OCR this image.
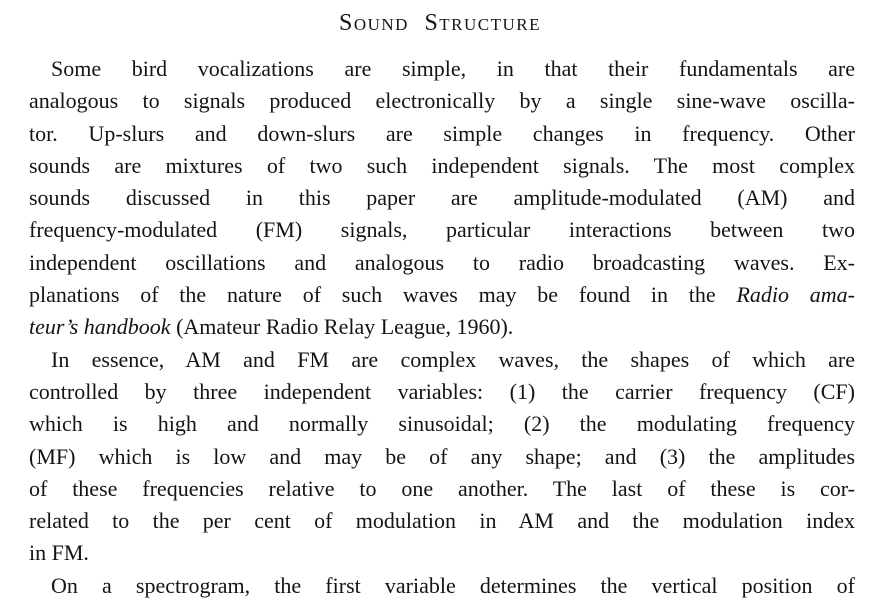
Sound Structure
Some bird vocalizations are simple, in that their fundamentals are
analogous to signals produced electronically by a single sine-wave oscilla-
tor. Up-slurs and down-slurs are simple changes in frequency. Other
sounds are mixtures of two such independent signals. The most complex
sounds discussed in this paper are amplitude-modulated (AM) and
frequency-modulated (FM) signals, particular interactions between two
independent oscillations and analogous to radio broadcasting waves. Ex-
planations of the nature of such waves may be found in the Radio ama-
teur’s handbook (Amateur Radio Relay League, 1960).
In essence, AM and FM are complex waves, the shapes of which are
controlled by three independent variables: (1) the carrier frequency (CF)
which is high and normally sinusoidal; (2) the modulating frequency
(MF) which is low and may be of any shape; and (3) the amplitudes
of these frequencies relative to one another. The last of these is cor-
related to the per cent of modulation in AM and the modulation index
in FM.
On a spectrogram, the first variable determines the vertical position of
